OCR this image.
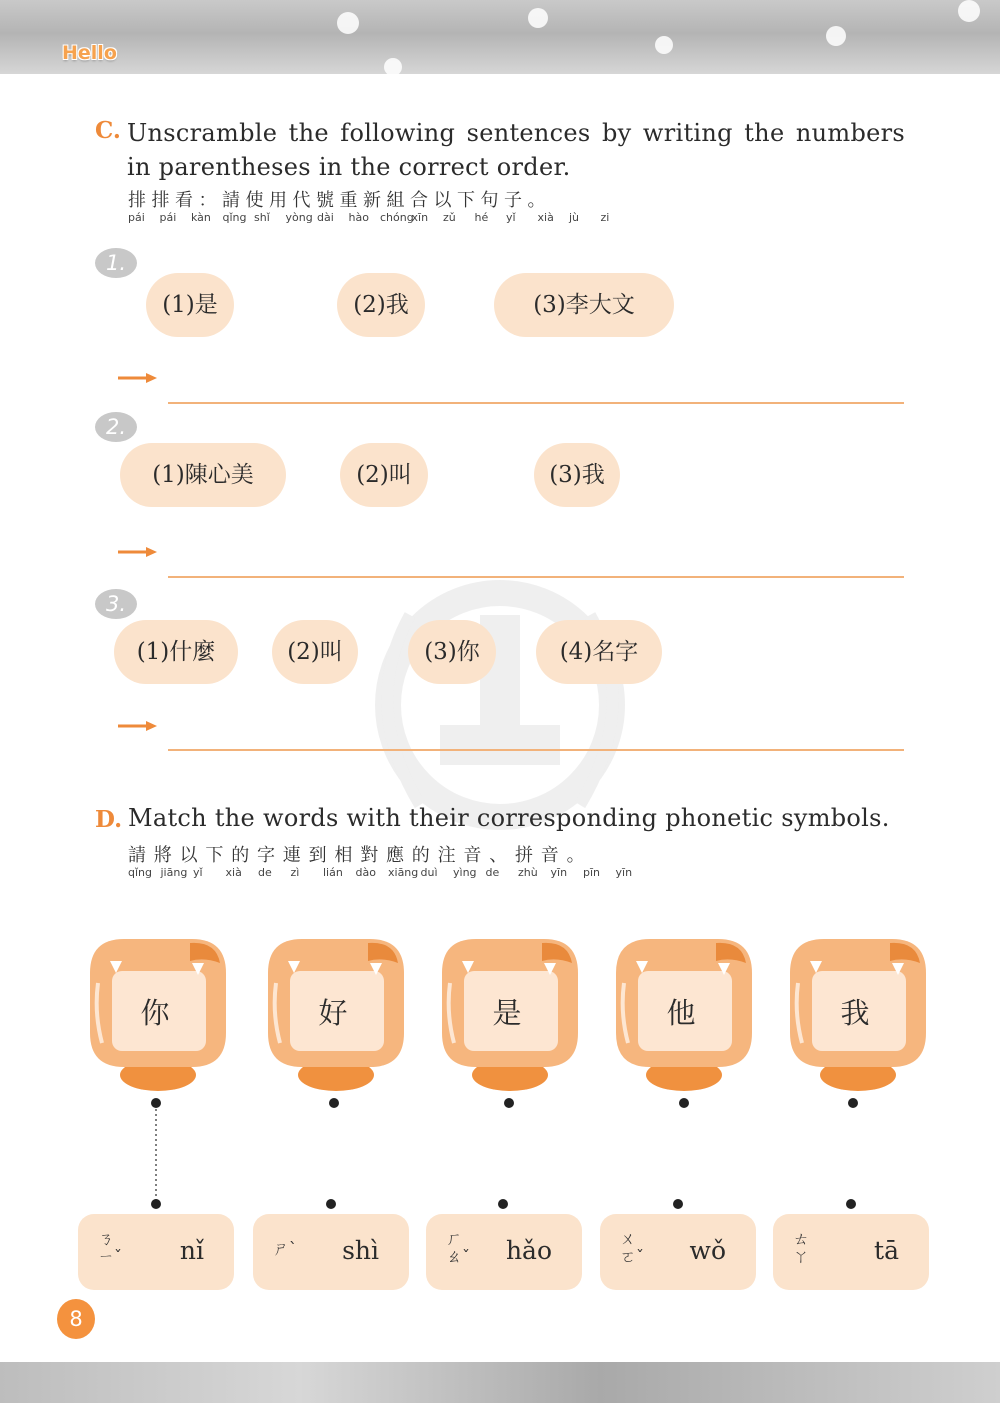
Hello
C. Unscramble the following sentences by writing the numbers in parentheses in the correct order.
排排看：請使用代號重新組合以下句子。
pái pái kàn qǐng shǐ yòng dài hào chóng
xīn zǔ hé yǐ xià jù zi
1.
(1)是	(2)我	(3)李大文
2.
(1)陳心美	(2)叫	(3)我
3.
(1)什麼	(2)叫	(3)你	(4)名字
D. Match the words with their corresponding phonetic symbols.
請將以下的字連到相對應的注音、拼音。
qǐng jiāng yǐ xià de zì lián dào xiāng duì yìng de zhù yīn pīn yīn
你	好	是	他	我
ㄋ
ㄧˇ nǐ	ㄕˋ shì	ㄏ
ㄠˇ hǎo	ㄨ
ㄛˇ wǒ	ㄊ
ㄚ	tā
8
